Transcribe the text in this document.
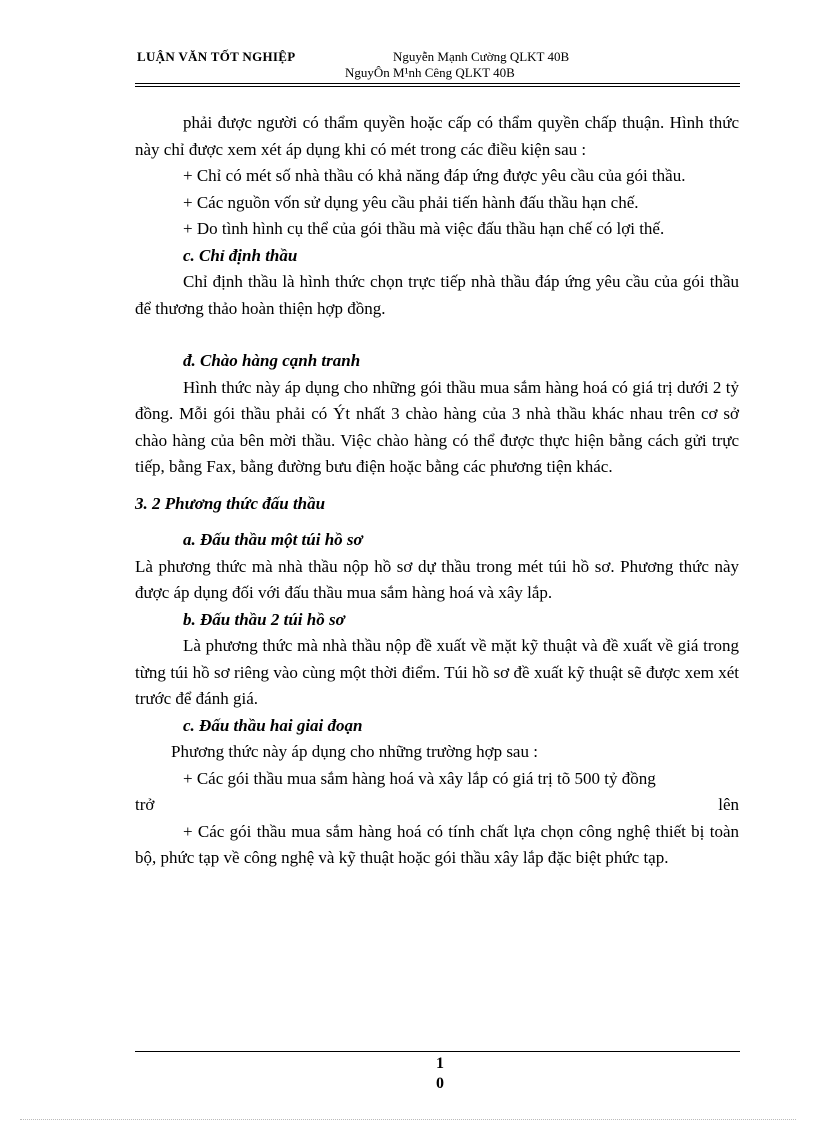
LUẬN VĂN TỐT NGHIỆP	Nguyễn Mạnh Cường QLKT 40B
NguyÔn M¹nh Cêng QLKT 40B

phải được người có thẩm quyền hoặc cấp có thẩm quyền chấp thuận. Hình thức này chỉ được xem xét áp dụng khi có mét trong các điều kiện sau :

+ Chỉ có mét số nhà thầu có khả năng đáp ứng được yêu cầu của gói thầu.

+ Các nguồn vốn sử dụng yêu cầu phải tiến hành đấu thầu hạn chế.

+ Do tình hình cụ thể của gói thầu mà việc đấu thầu hạn chế có lợi thế.

c. Chỉ định thầu

Chỉ định thầu là hình thức chọn trực tiếp nhà thầu đáp ứng yêu cầu của gói thầu để thương thảo hoàn thiện hợp đồng.

đ. Chào hàng cạnh tranh

Hình thức này áp dụng cho những gói thầu mua sắm hàng hoá có giá trị dưới 2 tỷ đồng. Mỗi gói thầu phải có Ýt nhất 3 chào hàng của 3 nhà thầu khác nhau trên cơ sở chào hàng của bên mời thầu. Việc chào hàng có thể được thực hiện bằng cách gửi trực tiếp, bằng Fax, bằng đường bưu điện hoặc bằng các phương tiện khác.

3. 2 Phương thức đấu thầu

a. Đấu thầu một túi hồ sơ

Là phương thức mà nhà thầu nộp hồ sơ dự thầu trong mét túi hồ sơ. Phương thức này được áp dụng đối với đấu thầu mua sắm hàng hoá và xây lắp.

b. Đấu thầu 2 túi hồ sơ

Là phương thức mà nhà thầu nộp đề xuất về mặt kỹ thuật và đề xuất về giá trong từng túi hồ sơ riêng vào cùng một thời điểm. Túi hồ sơ đề xuất kỹ thuật sẽ được xem xét trước để đánh giá.

c. Đấu thầu hai giai đoạn

Phương thức này áp dụng cho những trường hợp sau :

+ Các gói thầu mua sắm hàng hoá và xây lắp có giá trị tõ 500 tỷ đồng

trở	lên

+ Các gói thầu mua sắm hàng hoá có tính chất lựa chọn công nghệ thiết bị toàn bộ, phức tạp về công nghệ và kỹ thuật hoặc gói thầu xây lắp đặc biệt phức tạp.

1
0
